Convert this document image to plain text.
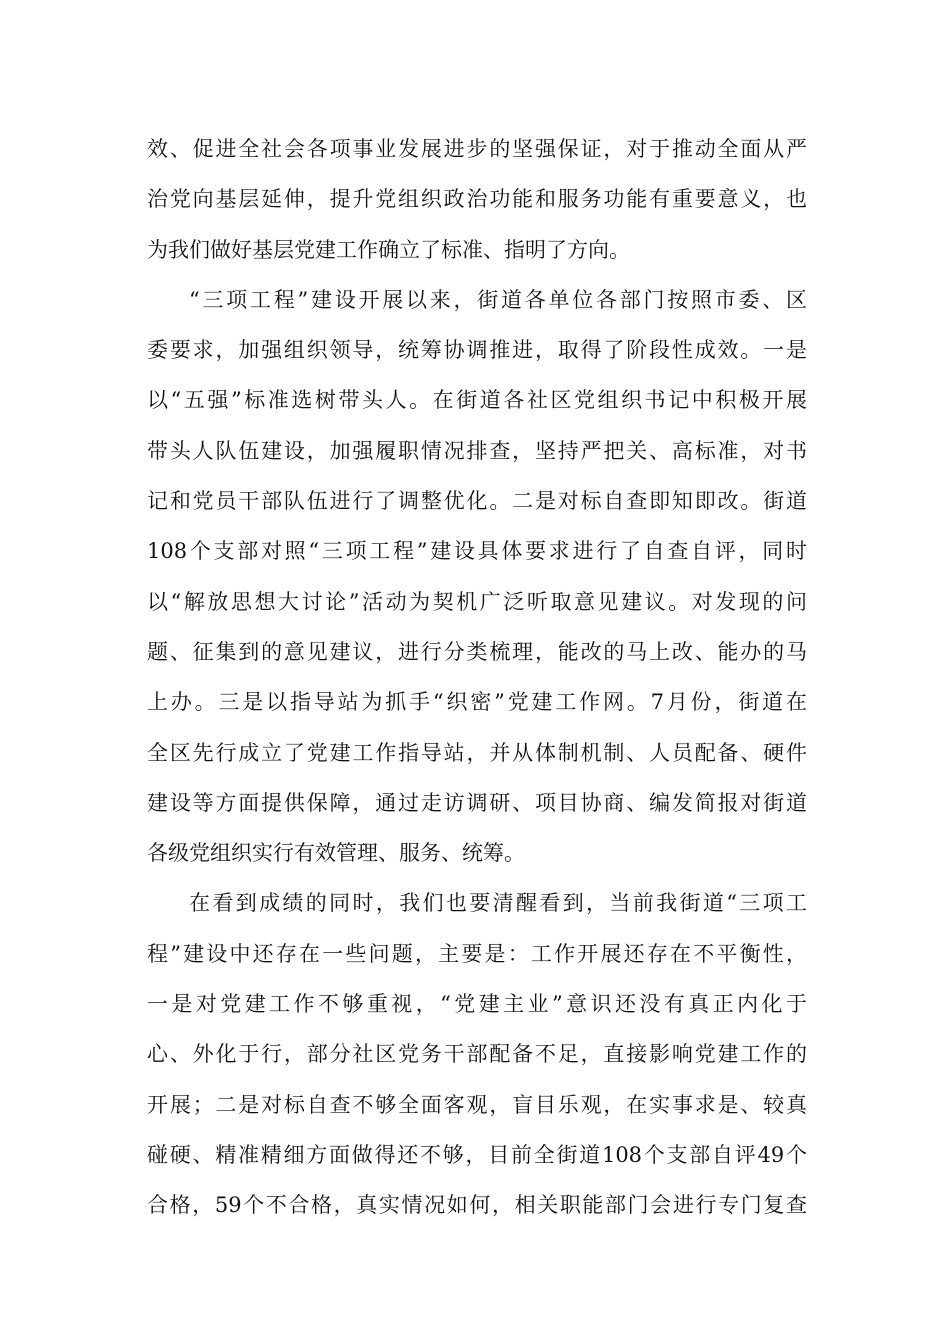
效、促进全社会各项事业发展进步的坚强保证，对于推动全面从严
治党向基层延伸，提升党组织政治功能和服务功能有重要意义，也
为我们做好基层党建工作确立了标准、指明了方向。
“三项工程”建设开展以来，街道各单位各部门按照市委、区
委要求，加强组织领导，统筹协调推进，取得了阶段性成效。一是
以“五强”标准选树带头人。在街道各社区党组织书记中积极开展
带头人队伍建设，加强履职情况排查，坚持严把关、高标准，对书
记和党员干部队伍进行了调整优化。二是对标自查即知即改。街道
108个支部对照“三项工程”建设具体要求进行了自查自评，同时
以“解放思想大讨论”活动为契机广泛听取意见建议。对发现的问
题、征集到的意见建议，进行分类梳理，能改的马上改、能办的马
上办。三是以指导站为抓手“织密”党建工作网。7月份，街道在
全区先行成立了党建工作指导站，并从体制机制、人员配备、硬件
建设等方面提供保障，通过走访调研、项目协商、编发简报对街道
各级党组织实行有效管理、服务、统筹。
在看到成绩的同时，我们也要清醒看到，当前我街道“三项工
程”建设中还存在一些问题，主要是：工作开展还存在不平衡性，
一是对党建工作不够重视，“党建主业”意识还没有真正内化于
心、外化于行，部分社区党务干部配备不足，直接影响党建工作的
开展；二是对标自查不够全面客观，盲目乐观，在实事求是、较真
碰硬、精准精细方面做得还不够，目前全街道108个支部自评49个
合格，59个不合格，真实情况如何，相关职能部门会进行专门复查
